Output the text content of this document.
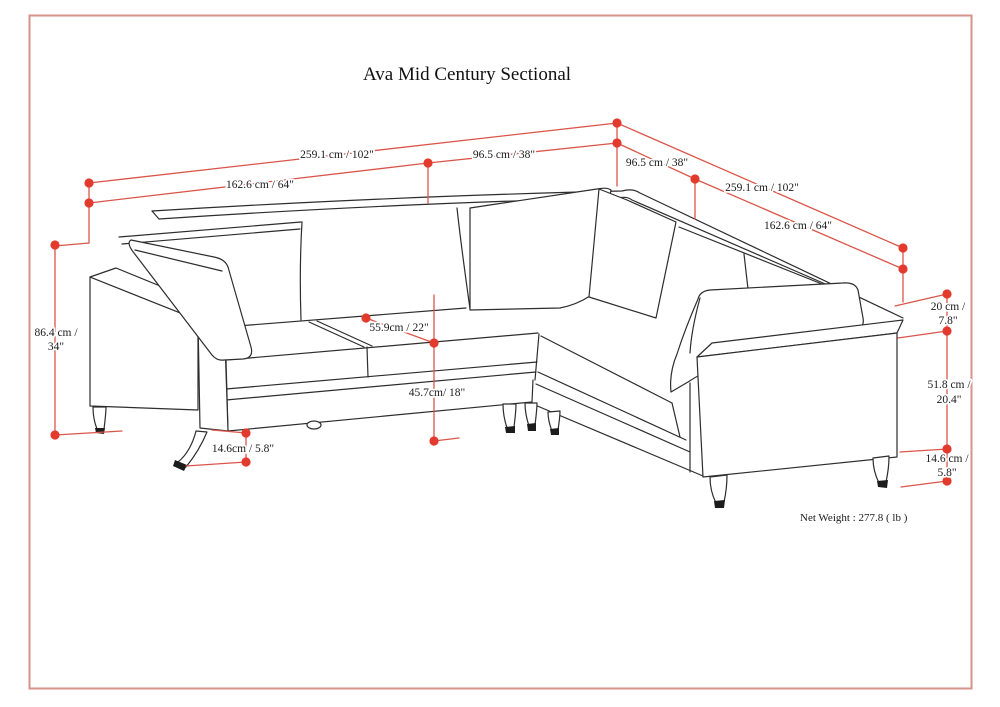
Ava Mid Century Sectional
259.1 cm / 102"
162.6 cm / 64"
96.5 cm / 38"
96.5 cm / 38"
259.1 cm / 102"
162.6 cm / 64"
86.4 cm /
34"
20 cm /
7.8"
51.8 cm /
20.4"
14.6 cm /
5.8"
55.9cm / 22"
45.7cm/ 18"
14.6cm / 5.8"
Net Weight : 277.8 ( lb )
